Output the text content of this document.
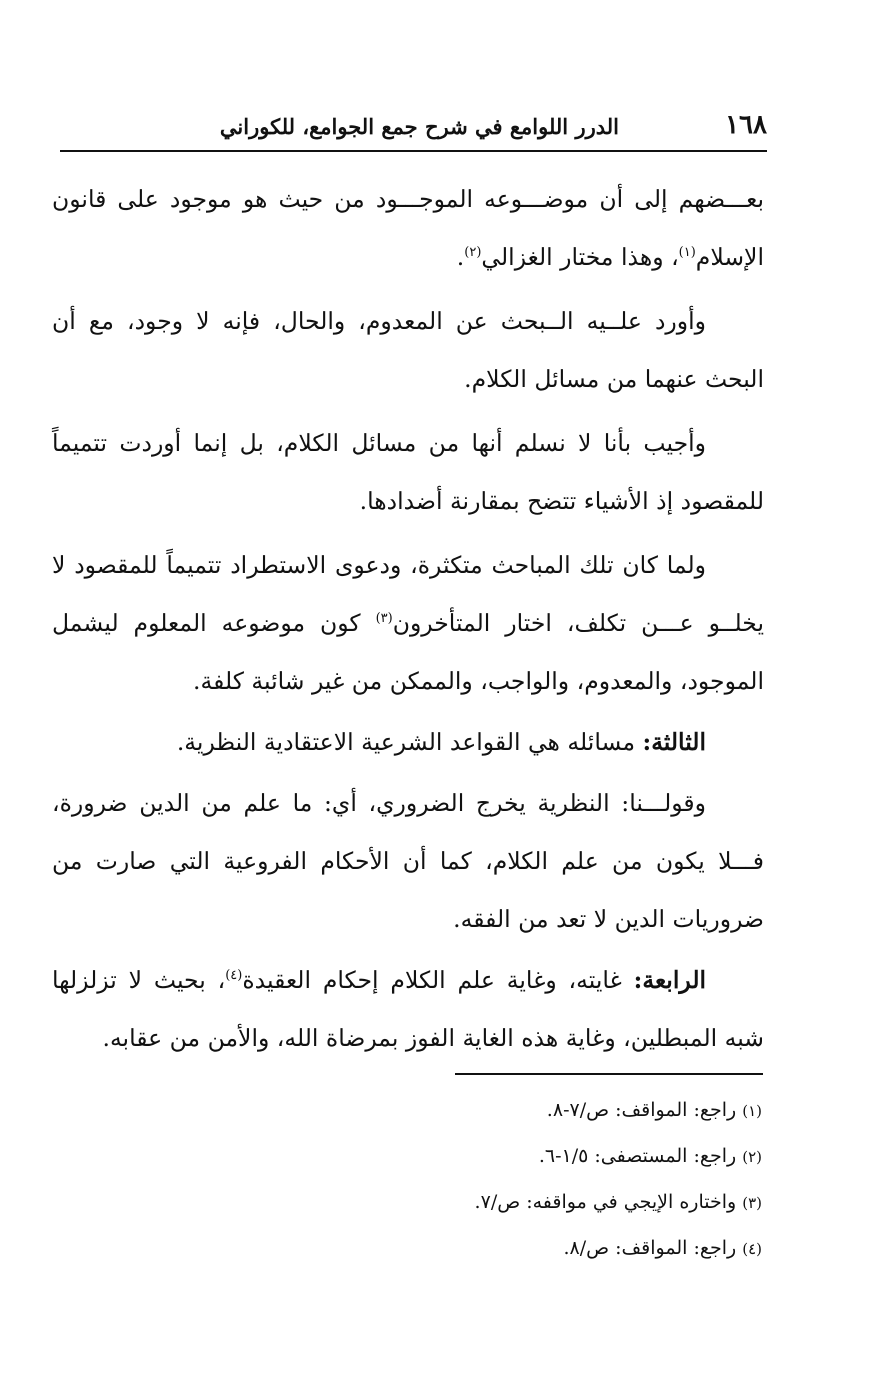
١٦٨
الدرر اللوامع في شرح جمع الجوامع، للكوراني

بعـــضهم إلى أن موضـــوعه الموجـــود من حيث هو موجود على قانون الإسلام$^{(١)}$، وهذا مختار الغزالي$^{(٢)}$.

وأورد علــيه الــبحث عن المعدوم، والحال، فإنه لا وجود، مع أن البحث عنهما من مسائل الكلام.

وأجيب بأنا لا نسلم أنها من مسائل الكلام، بل إنما أوردت تتميماً للمقصود إذ الأشياء تتضح بمقارنة أضدادها.

ولما كان تلك المباحث متكثرة، ودعوى الاستطراد تتميماً للمقصود لا يخلــو عـــن تكلف، اختار المتأخرون$^{(٣)}$ كون موضوعه المعلوم ليشمل الموجود، والمعدوم، والواجب، والممكن من غير شائبة كلفة.

الثالثة: مسائله هي القواعد الشرعية الاعتقادية النظرية.

وقولـــنا: النظرية يخرج الضروري، أي: ما علم من الدين ضرورة، فـــلا يكون من علم الكلام، كما أن الأحكام الفروعية التي صارت من ضروريات الدين لا تعد من الفقه.

الرابعة: غايته، وغاية علم الكلام إحكام العقيدة$^{(٤)}$، بحيث لا تزلزلها شبه المبطلين، وغاية هذه الغاية الفوز بمرضاة الله، والأمن من عقابه.

(١) راجع: المواقف: ص/٧-٨.
(٢) راجع: المستصفى: ١/٥-٦.
(٣) واختاره الإيجي في مواقفه: ص/٧.
(٤) راجع: المواقف: ص/٨.
